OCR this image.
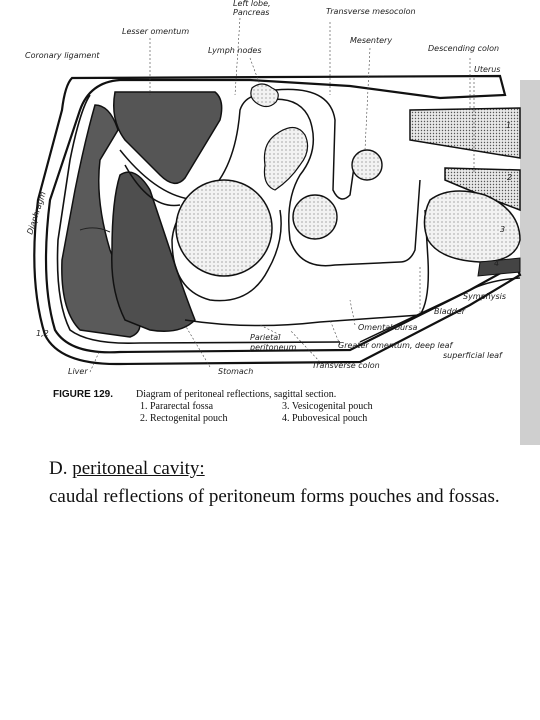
Left lobe,
Pancreas	Transverse mesocolon
Lesser omentum
Coronary ligament
Lymph nodes
Mesentery
Descending colon
Uterus
Diaphragm
Symphysis
Bladder
Omental bursa
Greater omentum, deep leaf
superficial leaf
Parietal
peritoneum
Transverse colon
Liver	Stomach
1
2
3
4
1,2
FIGURE 129. Diagram of peritoneal reflections, sagittal section.
1. Pararectal fossa
2. Rectogenital pouch
3. Vesicogenital pouch
4. Pubovesical pouch
D. peritoneal cavity:
caudal reflections of peritoneum forms pouches and fossas.
